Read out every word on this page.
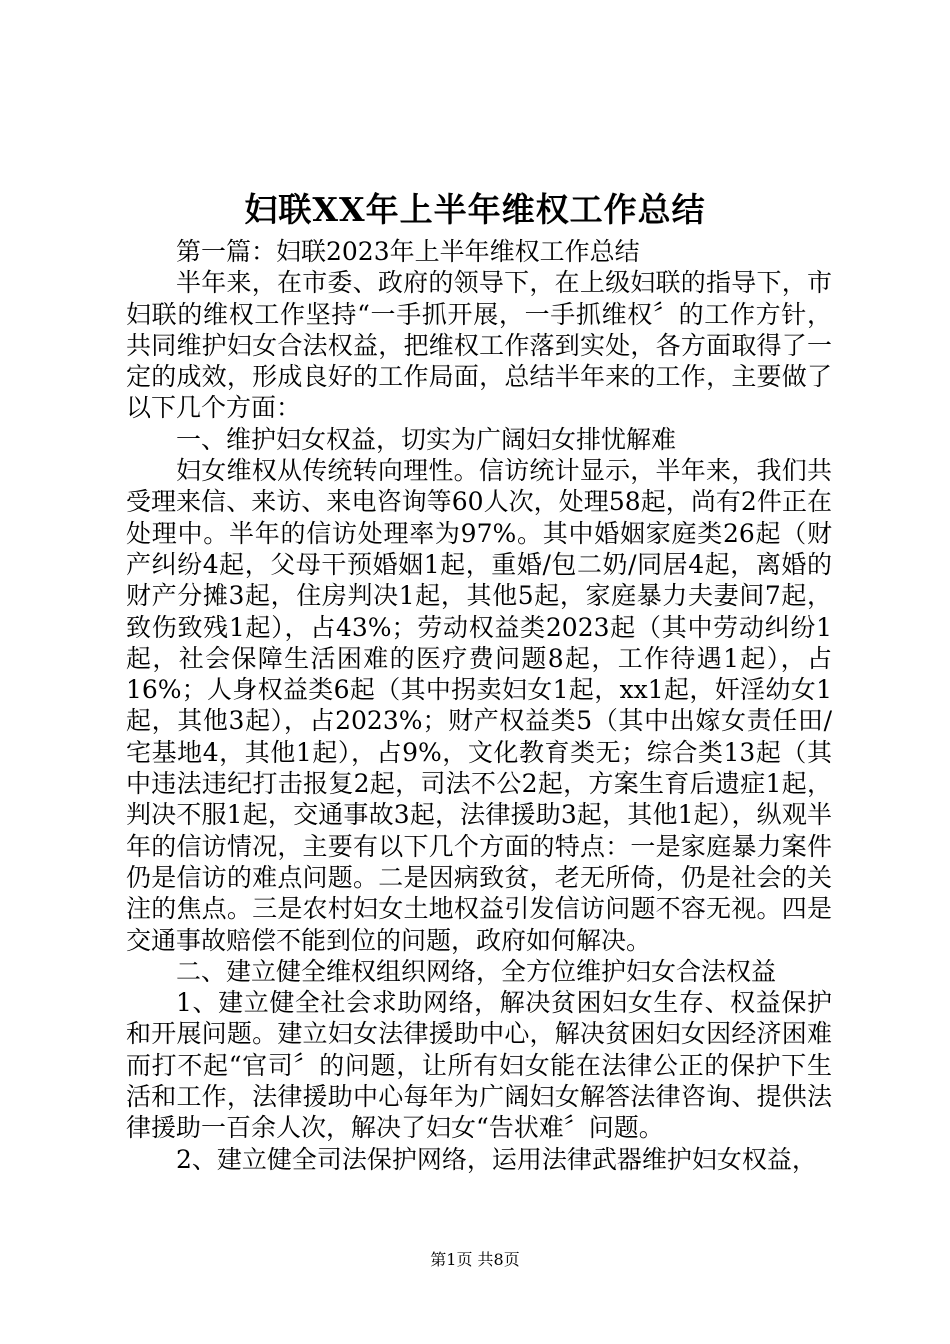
妇联XX年上半年维权工作总结

第一篇：妇联2023年上半年维权工作总结

半年来，在市委、政府的领导下，在上级妇联的指导下，市妇联的维权工作坚持“一手抓开展，一手抓维权〞的工作方针，共同维护妇女合法权益，把维权工作落到实处，各方面取得了一定的成效，形成良好的工作局面，总结半年来的工作，主要做了以下几个方面：

一、维护妇女权益，切实为广阔妇女排忧解难

妇女维权从传统转向理性。信访统计显示，半年来，我们共受理来信、来访、来电咨询等60人次，处理58起，尚有2件正在处理中。半年的信访处理率为97%。其中婚姻家庭类26起（财产纠纷4起，父母干预婚姻1起，重婚/包二奶/同居4起，离婚的财产分摊3起，住房判决1起，其他5起，家庭暴力夫妻间7起，致伤致残1起），占43%；劳动权益类2023起（其中劳动纠纷1起，社会保障生活困难的医疗费问题8起，工作待遇1起），占16%；人身权益类6起（其中拐卖妇女1起，xx1起，奸淫幼女1起，其他3起），占2023%；财产权益类5（其中出嫁女责任田/宅基地4，其他1起），占9%，文化教育类无；综合类13起（其中违法违纪打击报复2起，司法不公2起，方案生育后遗症1起，判决不服1起，交通事故3起，法律援助3起，其他1起），纵观半年的信访情况，主要有以下几个方面的特点：一是家庭暴力案件仍是信访的难点问题。二是因病致贫，老无所倚，仍是社会的关注的焦点。三是农村妇女土地权益引发信访问题不容无视。四是交通事故赔偿不能到位的问题，政府如何解决。

二、建立健全维权组织网络，全方位维护妇女合法权益

1、建立健全社会求助网络，解决贫困妇女生存、权益保护和开展问题。建立妇女法律援助中心，解决贫困妇女因经济困难而打不起“官司〞的问题，让所有妇女能在法律公正的保护下生活和工作，法律援助中心每年为广阔妇女解答法律咨询、提供法律援助一百余人次，解决了妇女“告状难〞问题。

2、建立健全司法保护网络，运用法律武器维护妇女权益，

第1页 共8页
